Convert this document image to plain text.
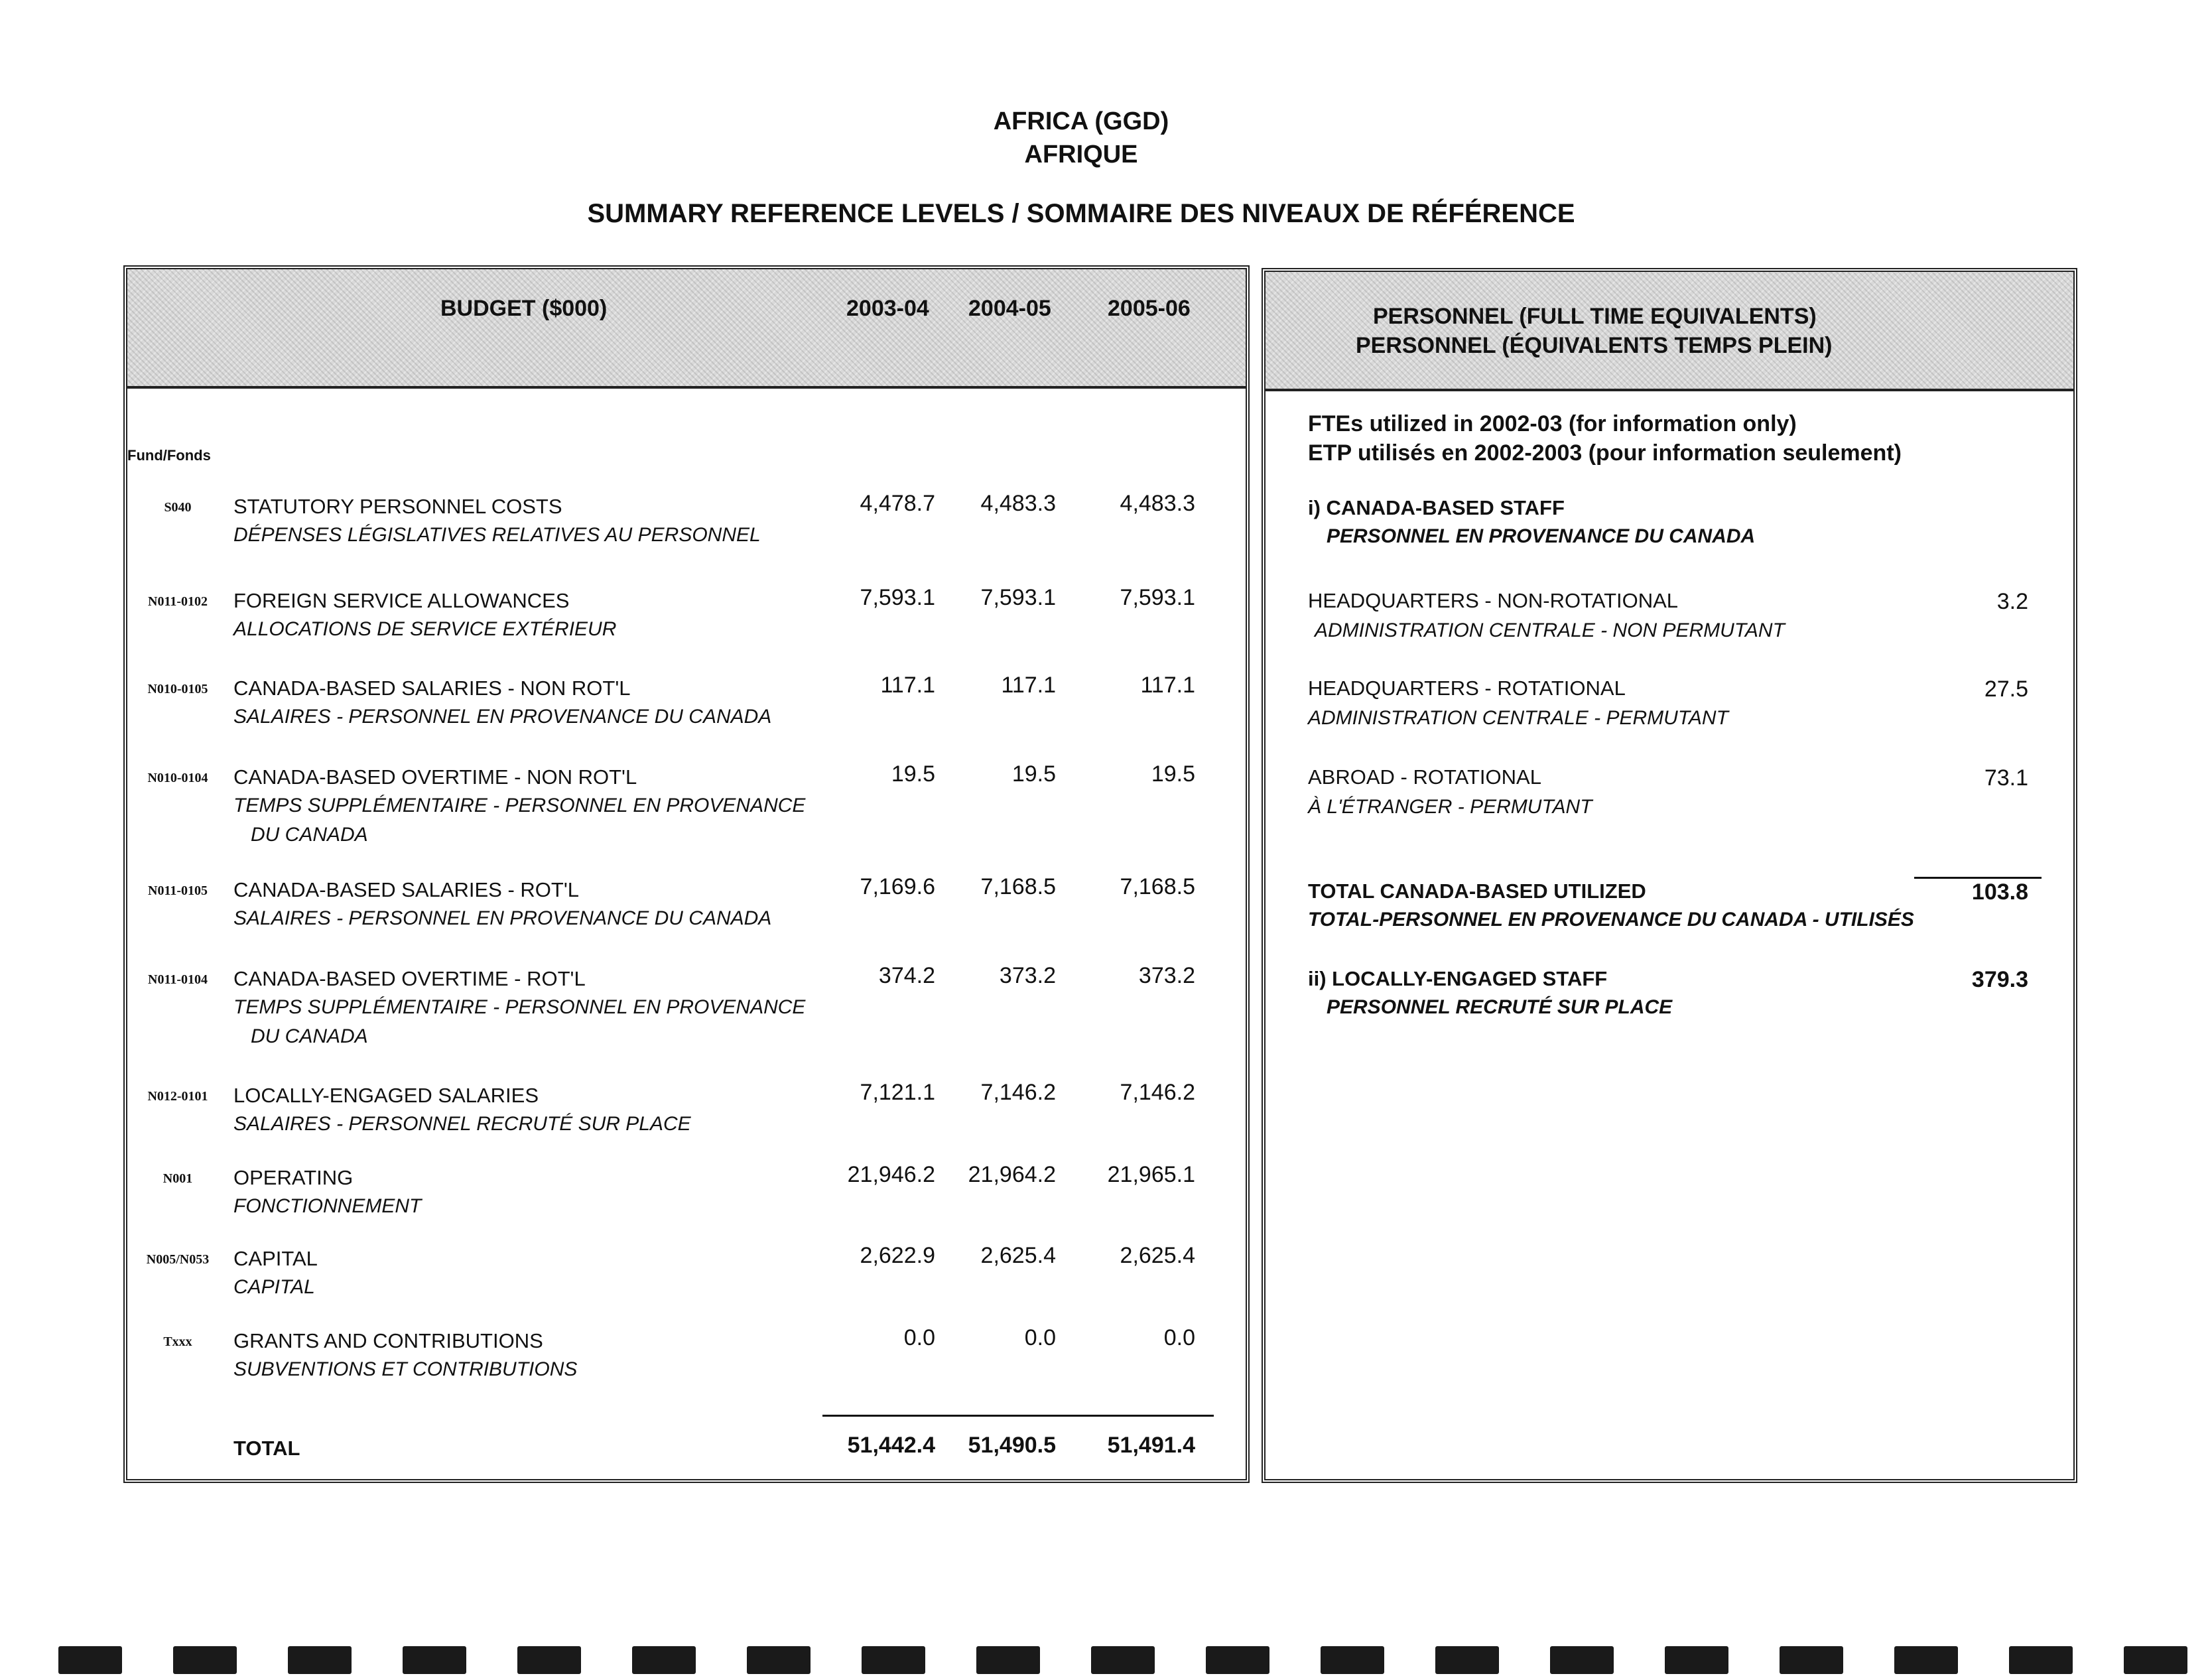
AFRICA (GGD)
AFRIQUE
SUMMARY REFERENCE LEVELS / SOMMAIRE DES NIVEAUX DE RÉFÉRENCE
BUDGET ($000)	2003-04 2004-05	2005-06
Fund/Fonds
S040	STATUTORY PERSONNEL COSTS
DÉPENSES LÉGISLATIVES RELATIVES AU PERSONNEL
4,478.7	4,483.3	4,483.3
N011-0102	FOREIGN SERVICE ALLOWANCES
ALLOCATIONS DE SERVICE EXTÉRIEUR
7,593.1	7,593.1	7,593.1
N010-0105	CANADA-BASED SALARIES - NON ROT'L
SALAIRES - PERSONNEL EN PROVENANCE DU CANADA
117.1	117.1	117.1
N010-0104	CANADA-BASED OVERTIME - NON ROT'L
TEMPS SUPPLÉMENTAIRE - PERSONNEL EN PROVENANCE
DU CANADA
19.5	19.5	19.5
N011-0105	CANADA-BASED SALARIES - ROT'L
SALAIRES - PERSONNEL EN PROVENANCE DU CANADA
7,169.6	7,168.5	7,168.5
N011-0104	CANADA-BASED OVERTIME - ROT'L
TEMPS SUPPLÉMENTAIRE - PERSONNEL EN PROVENANCE
DU CANADA
374.2	373.2	373.2
N012-0101	LOCALLY-ENGAGED SALARIES
SALAIRES - PERSONNEL RECRUTÉ SUR PLACE
7,121.1	7,146.2	7,146.2
N001	OPERATING
FONCTIONNEMENT
21,946.2	21,964.2	21,965.1
N005/N053	CAPITAL
CAPITAL
2,622.9	2,625.4	2,625.4
Txxx	GRANTS AND CONTRIBUTIONS
SUBVENTIONS ET CONTRIBUTIONS
0.0	0.0	0.0
TOTAL	51,442.4	51,490.5	51,491.4
PERSONNEL (FULL TIME EQUIVALENTS)
PERSONNEL (ÉQUIVALENTS TEMPS PLEIN)
FTEs utilized in 2002-03 (for information only)
ETP utilisés en 2002-2003 (pour information seulement)
i) CANADA-BASED STAFF
PERSONNEL EN PROVENANCE DU CANADA
HEADQUARTERS - NON-ROTATIONAL
ADMINISTRATION CENTRALE - NON PERMUTANT
3.2
HEADQUARTERS - ROTATIONAL
ADMINISTRATION CENTRALE - PERMUTANT
27.5
ABROAD - ROTATIONAL
À L'ÉTRANGER - PERMUTANT
73.1
TOTAL CANADA-BASED UTILIZED
TOTAL-PERSONNEL EN PROVENANCE DU CANADA - UTILISÉS
103.8
ii) LOCALLY-ENGAGED STAFF
PERSONNEL RECRUTÉ SUR PLACE
379.3
